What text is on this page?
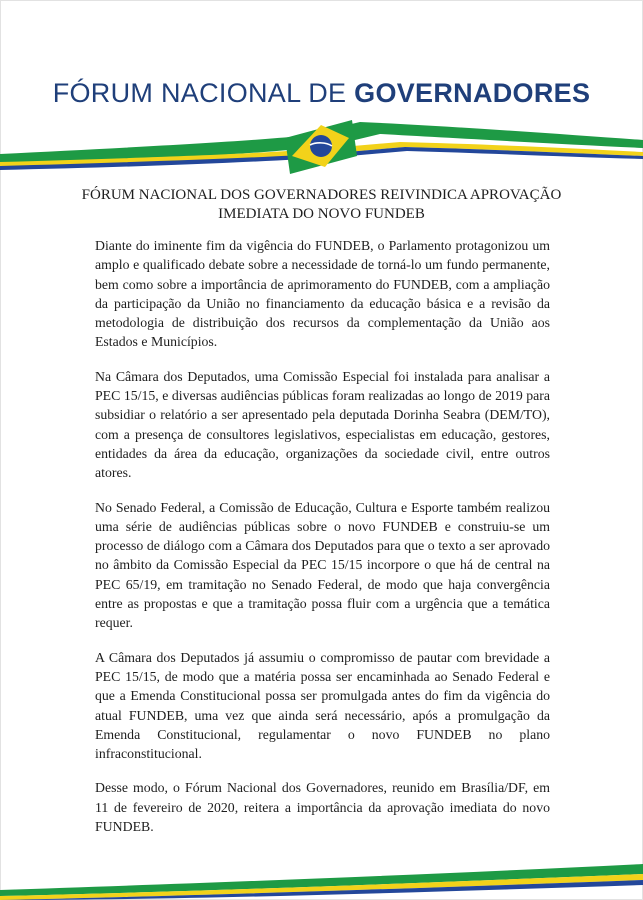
FÓRUM NACIONAL DE GOVERNADORES
FÓRUM NACIONAL DOS GOVERNADORES REIVINDICA APROVAÇÃO
IMEDIATA DO NOVO FUNDEB

Diante do iminente fim da vigência do FUNDEB, o Parlamento protagonizou um amplo e qualificado debate sobre a necessidade de torná-lo um fundo permanente, bem como sobre a importância de aprimoramento do FUNDEB, com a ampliação da participação da União no financiamento da educação básica e a revisão da metodologia de distribuição dos recursos da complementação da União aos Estados e Municípios.

Na Câmara dos Deputados, uma Comissão Especial foi instalada para analisar a PEC 15/15, e diversas audiências públicas foram realizadas ao longo de 2019 para subsidiar o relatório a ser apresentado pela deputada Dorinha Seabra (DEM/TO), com a presença de consultores legislativos, especialistas em educação, gestores, entidades da área da educação, organizações da sociedade civil, entre outros atores.

No Senado Federal, a Comissão de Educação, Cultura e Esporte também realizou uma série de audiências públicas sobre o novo FUNDEB e construiu-se um processo de diálogo com a Câmara dos Deputados para que o texto a ser aprovado no âmbito da Comissão Especial da PEC 15/15 incorpore o que há de central na PEC 65/19, em tramitação no Senado Federal, de modo que haja convergência entre as propostas e que a tramitação possa fluir com a urgência que a temática requer.

A Câmara dos Deputados já assumiu o compromisso de pautar com brevidade a PEC 15/15, de modo que a matéria possa ser encaminhada ao Senado Federal e que a Emenda Constitucional possa ser promulgada antes do fim da vigência do atual FUNDEB, uma vez que ainda será necessário, após a promulgação da Emenda Constitucional, regulamentar o novo FUNDEB no plano infraconstitucional.

Desse modo, o Fórum Nacional dos Governadores, reunido em Brasília/DF, em 11 de fevereiro de 2020, reitera a importância da aprovação imediata do novo FUNDEB.
